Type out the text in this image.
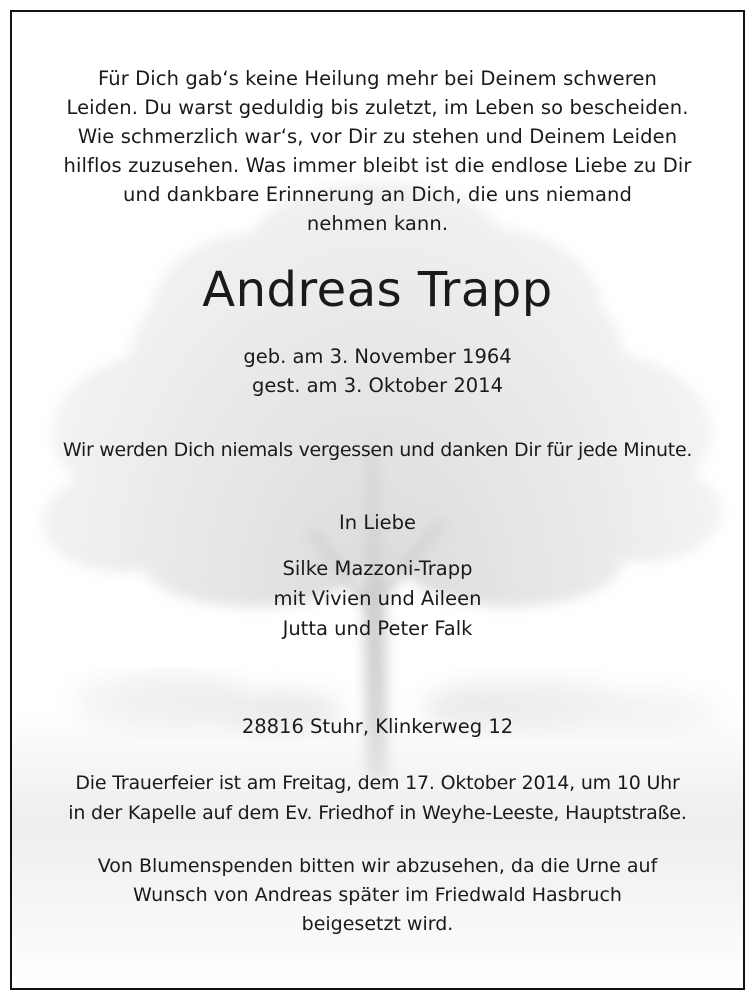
Für Dich gab‘s keine Heilung mehr bei Deinem schweren
Leiden. Du warst geduldig bis zuletzt, im Leben so bescheiden.
Wie schmerzlich war‘s, vor Dir zu stehen und Deinem Leiden
hilflos zuzusehen. Was immer bleibt ist die endlose Liebe zu Dir
und dankbare Erinnerung an Dich, die uns niemand
nehmen kann.
Andreas Trapp
geb. am 3. November 1964
gest. am 3. Oktober 2014
Wir werden Dich niemals vergessen und danken Dir für jede Minute.
In Liebe
Silke Mazzoni-Trapp
mit Vivien und Aileen
Jutta und Peter Falk
28816 Stuhr, Klinkerweg 12
Die Trauerfeier ist am Freitag, dem 17. Oktober 2014, um 10 Uhr
in der Kapelle auf dem Ev. Friedhof in Weyhe-Leeste, Hauptstraße.
Von Blumenspenden bitten wir abzusehen, da die Urne auf
Wunsch von Andreas später im Friedwald Hasbruch
beigesetzt wird.
